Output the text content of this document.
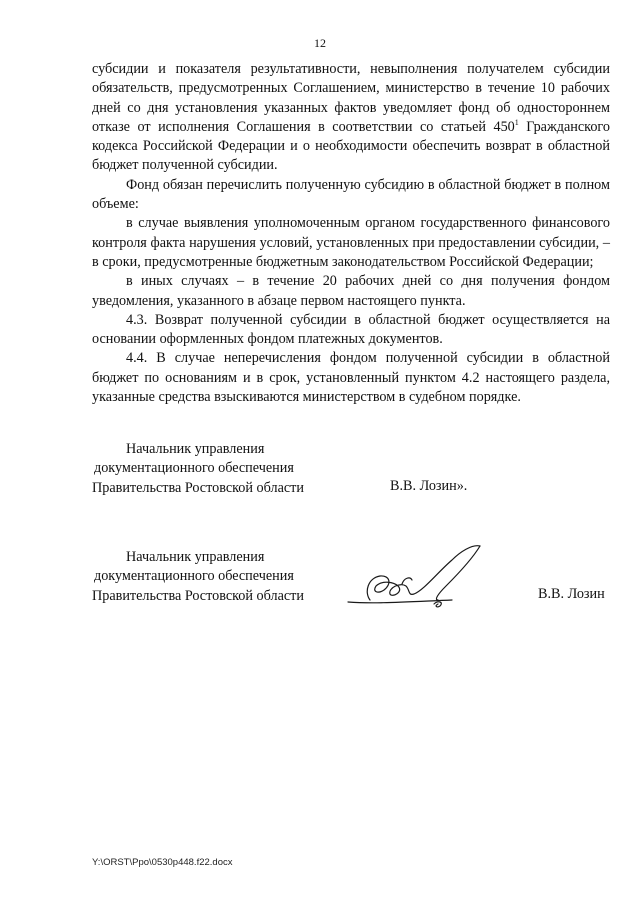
12

субсидии и показателя результативности, невыполнения получателем субсидии обязательств, предусмотренных Соглашением, министерство в течение 10 рабочих дней со дня установления указанных фактов уведомляет фонд об одностороннем отказе от исполнения Соглашения в соответствии со статьей $450^1$ Гражданского кодекса Российской Федерации и о необходимости обеспечить возврат в областной бюджет полученной субсидии.

Фонд обязан перечислить полученную субсидию в областной бюджет в полном объеме:

в случае выявления уполномоченным органом государственного финансового контроля факта нарушения условий, установленных при предоставлении субсидии, – в сроки, предусмотренные бюджетным законодательством Российской Федерации;

в иных случаях – в течение 20 рабочих дней со дня получения фондом уведомления, указанного в абзаце первом настоящего пункта.

4.3. Возврат полученной субсидии в областной бюджет осуществляется на основании оформленных фондом платежных документов.

4.4. В случае неперечисления фондом полученной субсидии в областной бюджет по основаниям и в срок, установленный пунктом 4.2 настоящего раздела, указанные средства взыскиваются министерством в судебном порядке.

Начальник управления
документационного обеспечения
Правительства Ростовской области	В.В. Лозин».
Начальник управления
документационного обеспечения
Правительства Ростовской области	В.В. Лозин
Y:\ORST\Ppo\0530p448.f22.docx
